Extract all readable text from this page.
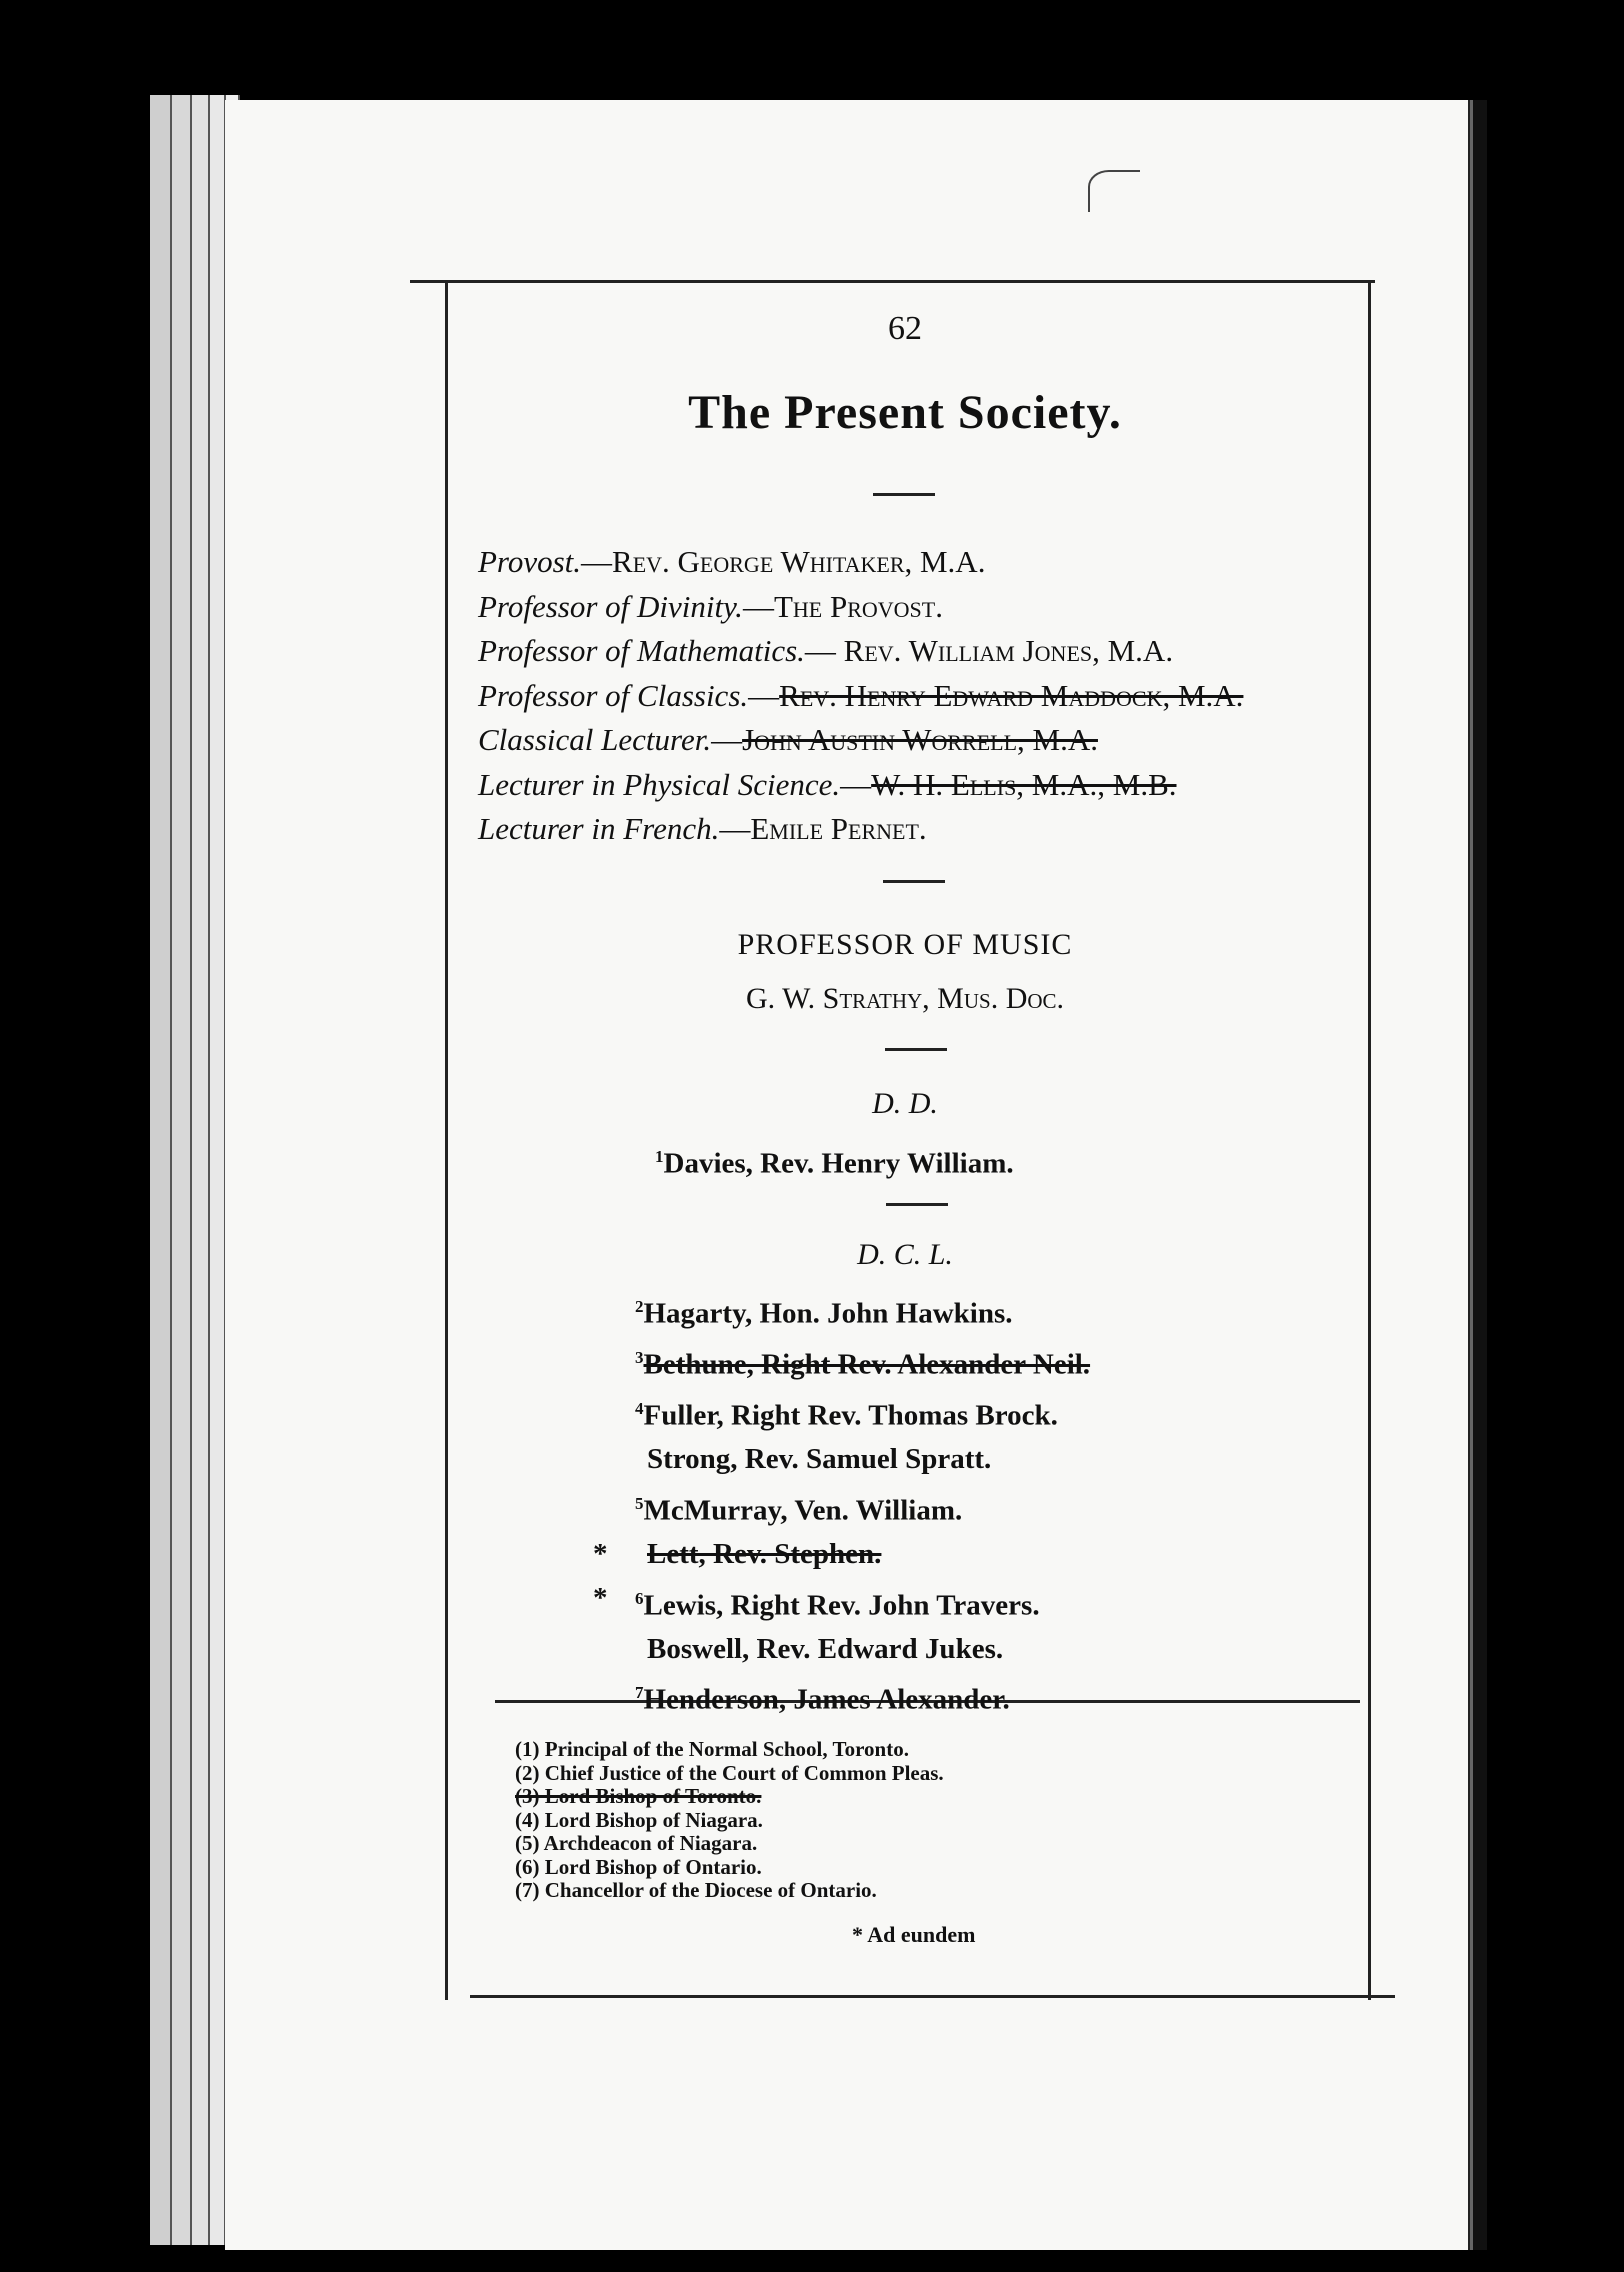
62
The Present Society.
PROFESSOR OF MUSIC
G. W. Strathy, Mus. Doc.
D. D.
D. C. L.
Provost.—Rev. George Whitaker, M.A.
Professor of Divinity.—The Provost.
Professor of Mathematics.— Rev. William Jones, M.A.
Professor of Classics.—Rev. Henry Edward Maddock, M.A.
Classical Lecturer.—John Austin Worrell, M.A.
Lecturer in Physical Science.—W. H. Ellis, M.A., M.B.
Lecturer in French.—Emile Pernet.
$^1$Davies, Rev. Henry William.
$^2$Hagarty, Hon. John Hawkins.
$^3$Bethune, Right Rev. Alexander Neil.
$^4$Fuller, Right Rev. Thomas Brock.
Strong, Rev. Samuel Spratt.
$^5$McMurray, Ven. William.
* Lett, Rev. Stephen.
* $^6$Lewis, Right Rev. John Travers.
Boswell, Rev. Edward Jukes.
$^7$Henderson, James Alexander.
(1) Principal of the Normal School, Toronto.
(2) Chief Justice of the Court of Common Pleas.
(3) Lord Bishop of Toronto.
(4) Lord Bishop of Niagara.
(5) Archdeacon of Niagara.
(6) Lord Bishop of Ontario.
(7) Chancellor of the Diocese of Ontario.
* Ad eundem
